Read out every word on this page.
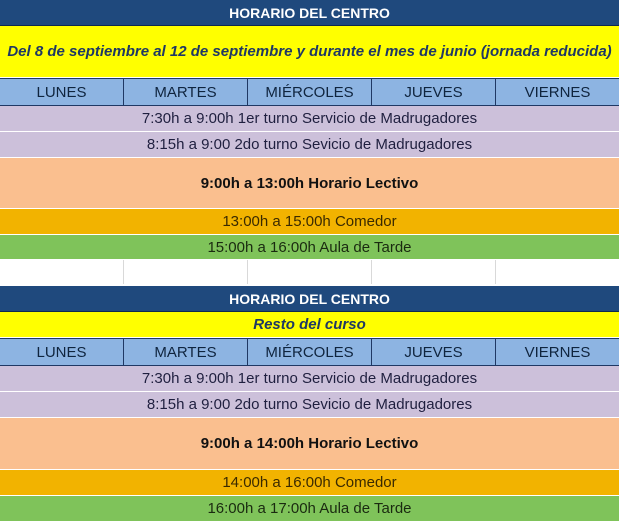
HORARIO DEL CENTRO
Del 8 de septiembre al 12 de septiembre y durante el mes de junio (jornada reducida)
LUNES	MARTES	MIÉRCOLES	JUEVES	VIERNES
7:30h a 9:00h 1er turno Servicio de Madrugadores
8:15h a 9:00 2do turno Sevicio de Madrugadores
9:00h a 13:00h Horario Lectivo
13:00h a 15:00h Comedor
15:00h a 16:00h Aula de Tarde
HORARIO DEL CENTRO
Resto del curso
LUNES	MARTES	MIÉRCOLES	JUEVES	VIERNES
7:30h a 9:00h 1er turno Servicio de Madrugadores
8:15h a 9:00 2do turno Sevicio de Madrugadores
9:00h a 14:00h Horario Lectivo
14:00h a 16:00h Comedor
16:00h a 17:00h Aula de Tarde
